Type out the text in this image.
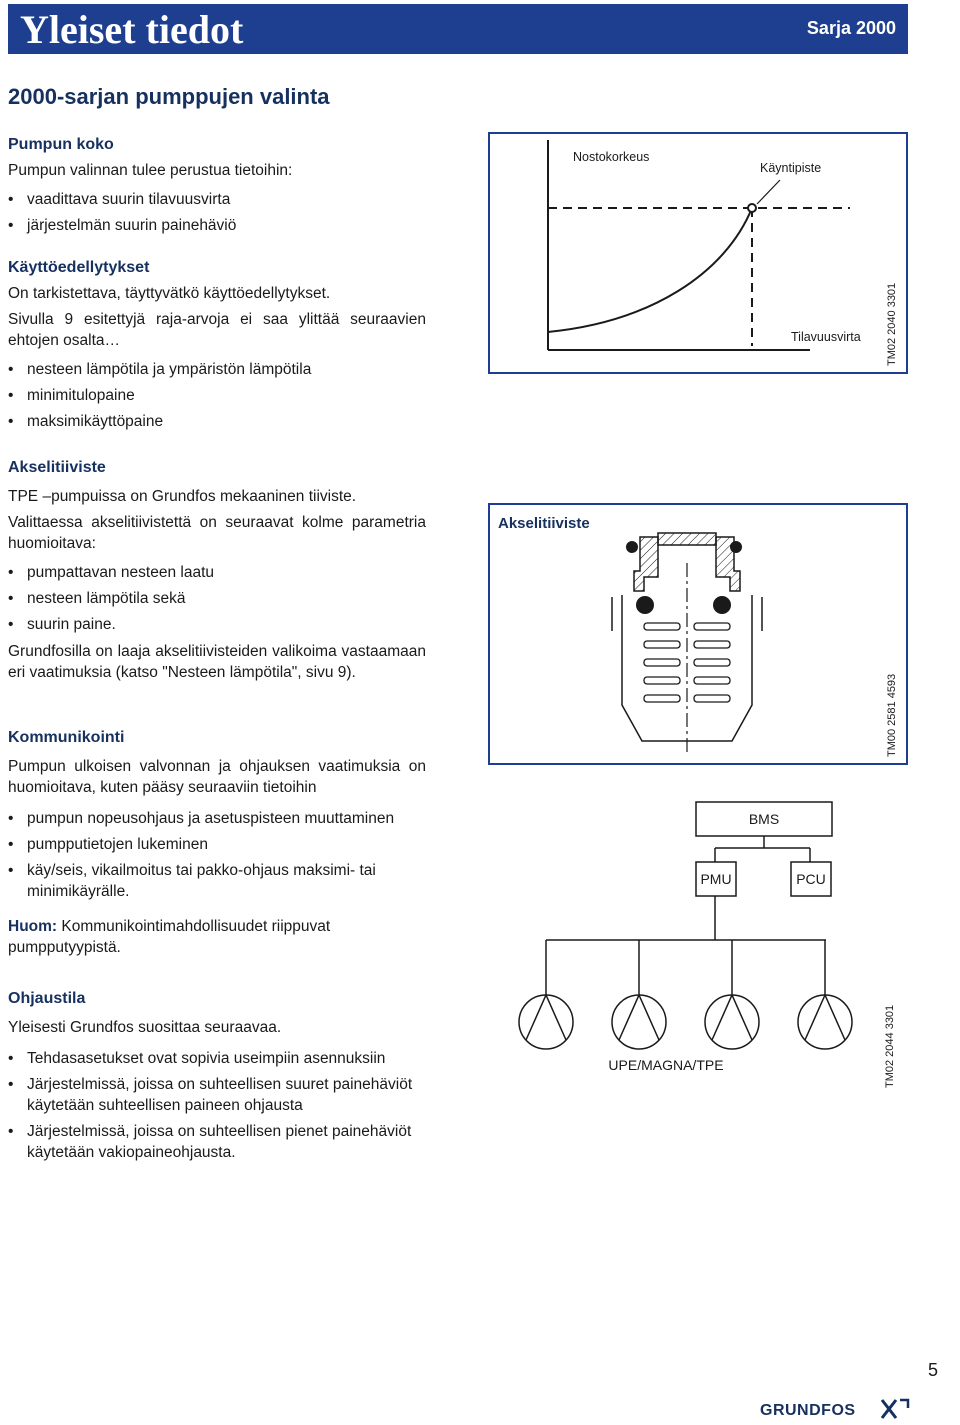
Yleiset tiedot	Sarja 2000
2000-sarjan pumppujen valinta
Pumpun koko

Pumpun valinnan tulee perustua tietoihin:

• vaadittava suurin tilavuusvirta
• järjestelmän suurin painehäviö
Käyttöedellytykset

On tarkistettava, täyttyvätkö käyttöedellytykset.

Sivulla 9 esitettyjä raja-arvoja ei saa ylittää seuraavien ehtojen osalta…

• nesteen lämpötila ja ympäristön lämpötila
• minimitulopaine
• maksimikäyttöpaine
Akselitiiviste

TPE –pumpuissa on Grundfos mekaaninen tiiviste.

Valittaessa akselitiivistettä on seuraavat kolme parametria huomioitava:

• pumpattavan nesteen laatu
• nesteen lämpötila sekä
• suurin paine.

Grundfosilla on laaja akselitiivisteiden valikoima vastaamaan eri vaatimuksia (katso "Nesteen lämpötila", sivu 9).

Kommunikointi

Pumpun ulkoisen valvonnan ja ohjauksen vaatimuksia on huomioitava, kuten pääsy seuraaviin tietoihin

• pumpun nopeusohjaus ja asetuspisteen muuttaminen
• pumpputietojen lukeminen
• käy/seis, vikailmoitus tai pakko-ohjaus maksimi- tai minimikäyrälle.

Huom: Kommunikointimahdollisuudet riippuvat pumpputyypistä.

Ohjaustila

Yleisesti Grundfos suosittaa seuraavaa.

• Tehdasasetukset ovat sopivia useimpiin asennuksiin
• Järjestelmissä, joissa on suhteellisen suuret painehäviöt käytetään suhteellisen paineen ohjausta
• Järjestelmissä, joissa on suhteellisen pienet painehäviöt käytetään vakiopaineohjausta.
Nostokorkeus
Käyntipiste
Tilavuusvirta TM02 2040 3301
Akselitiiviste
TM00 2581 4593
BMS
PMU	PCU
UPE/MAGNA/TPE	TM02 2044 3301
5
GRUNDFOS
